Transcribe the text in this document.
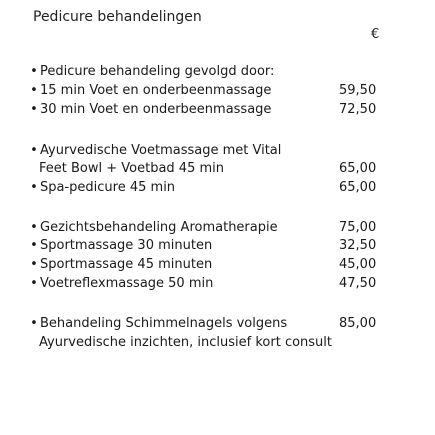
Pedicure behandelingen
€
• Pedicure behandeling gevolgd door:
• 15 min Voet en onderbeenmassage	59,50
• 30 min Voet en onderbeenmassage	72,50
• Ayurvedische Voetmassage met Vital
Feet Bowl + Voetbad 45 min	65,00
• Spa-pedicure 45 min	65,00
• Gezichtsbehandeling Aromatherapie	75,00
• Sportmassage 30 minuten	32,50
• Sportmassage 45 minuten	45,00
• Voetreflexmassage 50 min	47,50
• Behandeling Schimmelnagels volgens	85,00
Ayurvedische inzichten, inclusief kort consult
